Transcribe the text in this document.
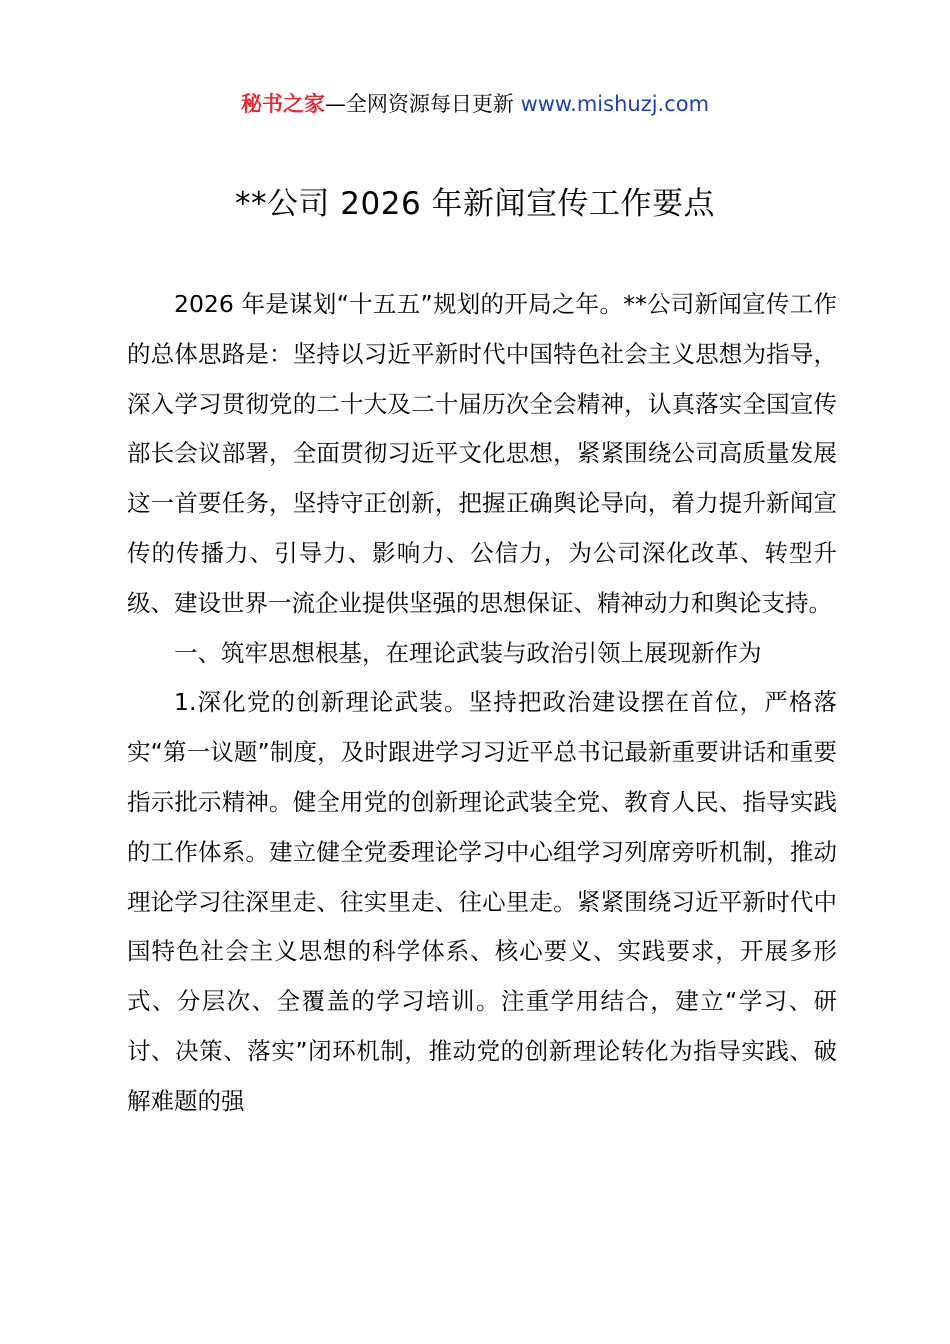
秘书之家—全网资源每日更新 www.mishuzj.com
**公司 2026 年新闻宣传工作要点

2026 年是谋划“十五五”规划的开局之年。**公司新闻宣传工作的总体思路是：坚持以习近平新时代中国特色社会主义思想为指导，深入学习贯彻党的二十大及二十届历次全会精神，认真落实全国宣传部长会议部署，全面贯彻习近平文化思想，紧紧围绕公司高质量发展这一首要任务，坚持守正创新，把握正确舆论导向，着力提升新闻宣传的传播力、引导力、影响力、公信力，为公司深化改革、转型升级、建设世界一流企业提供坚强的思想保证、精神动力和舆论支持。

一、筑牢思想根基，在理论武装与政治引领上展现新作为

1.深化党的创新理论武装。坚持把政治建设摆在首位，严格落实“第一议题”制度，及时跟进学习习近平总书记最新重要讲话和重要指示批示精神。健全用党的创新理论武装全党、教育人民、指导实践的工作体系。建立健全党委理论学习中心组学习列席旁听机制，推动理论学习往深里走、往实里走、往心里走。紧紧围绕习近平新时代中国特色社会主义思想的科学体系、核心要义、实践要求，开展多形式、分层次、全覆盖的学习培训。注重学用结合，建立“学习、研讨、决策、落实”闭环机制，推动党的创新理论转化为指导实践、破解难题的强
